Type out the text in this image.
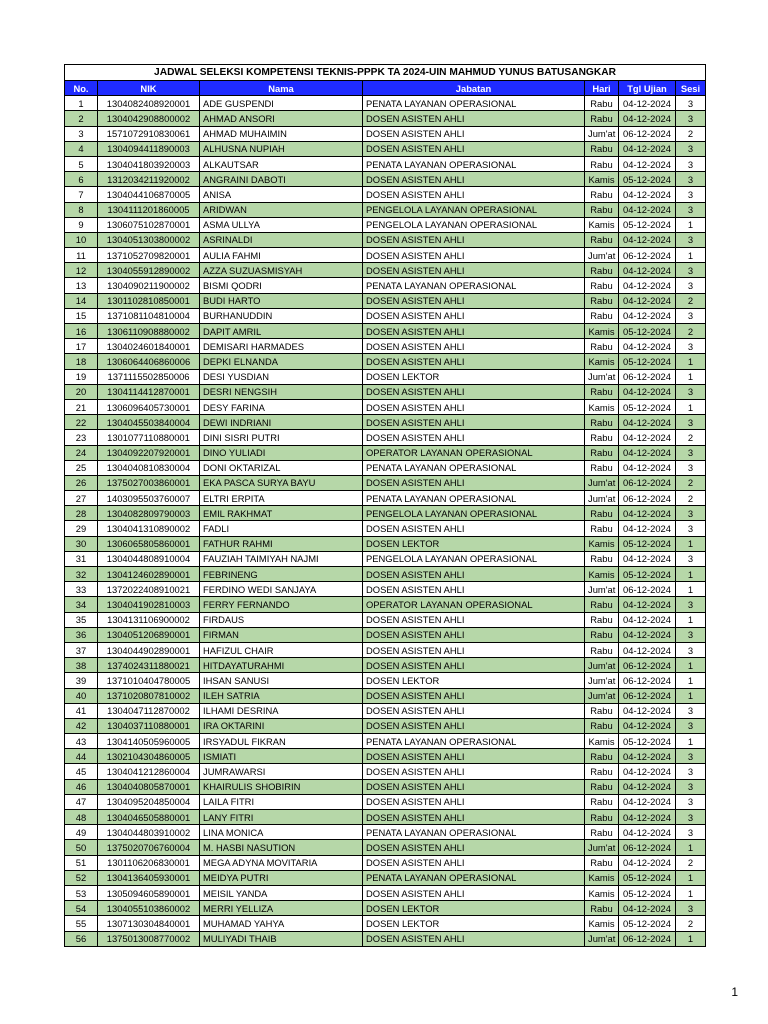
JADWAL SELEKSI KOMPETENSI TEKNIS-PPPK TA 2024-UIN MAHMUD YUNUS BATUSANGKAR						
No.	NIK	Nama	Jabatan	Hari	Tgl Ujian	Sesi
1	1304082408920001	ADE GUSPENDI	PENATA LAYANAN OPERASIONAL	Rabu	04-12-2024	3
2	1304042908800002	AHMAD ANSORI	DOSEN ASISTEN AHLI	Rabu	04-12-2024	3
3	1571072910830061	AHMAD MUHAIMIN	DOSEN ASISTEN AHLI	Jum'at	06-12-2024	2
4	1304094411890003	ALHUSNA NUPIAH	DOSEN ASISTEN AHLI	Rabu	04-12-2024	3
5	1304041803920003	ALKAUTSAR	PENATA LAYANAN OPERASIONAL	Rabu	04-12-2024	3
6	1312034211920002	ANGRAINI DABOTI	DOSEN ASISTEN AHLI	Kamis	05-12-2024	3
7	1304044106870005	ANISA	DOSEN ASISTEN AHLI	Rabu	04-12-2024	3
8	1304111201860005	ARIDWAN	PENGELOLA LAYANAN OPERASIONAL	Rabu	04-12-2024	3
9	1306075102870001	ASMA ULLYA	PENGELOLA LAYANAN OPERASIONAL	Kamis	05-12-2024	1
10	1304051303800002	ASRINALDI	DOSEN ASISTEN AHLI	Rabu	04-12-2024	3
11	1371052709820001	AULIA FAHMI	DOSEN ASISTEN AHLI	Jum'at	06-12-2024	1
12	1304055912890002	AZZA SUZUASMISYAH	DOSEN ASISTEN AHLI	Rabu	04-12-2024	3
13	1304090211900002	BISMI QODRI	PENATA LAYANAN OPERASIONAL	Rabu	04-12-2024	3
14	1301102810850001	BUDI HARTO	DOSEN ASISTEN AHLI	Rabu	04-12-2024	2
15	1371081104810004	BURHANUDDIN	DOSEN ASISTEN AHLI	Rabu	04-12-2024	3
16	1306110908880002	DAPIT AMRIL	DOSEN ASISTEN AHLI	Kamis	05-12-2024	2
17	1304024601840001	DEMISARI HARMADES	DOSEN ASISTEN AHLI	Rabu	04-12-2024	3
18	1306064406860006	DEPKI ELNANDA	DOSEN ASISTEN AHLI	Kamis	05-12-2024	1
19	1371115502850006	DESI YUSDIAN	DOSEN LEKTOR	Jum'at	06-12-2024	1
20	1304114412870001	DESRI NENGSIH	DOSEN ASISTEN AHLI	Rabu	04-12-2024	3
21	1306096405730001	DESY FARINA	DOSEN ASISTEN AHLI	Kamis	05-12-2024	1
22	1304045503840004	DEWI INDRIANI	DOSEN ASISTEN AHLI	Rabu	04-12-2024	3
23	1301077110880001	DINI SISRI PUTRI	DOSEN ASISTEN AHLI	Rabu	04-12-2024	2
24	1304092207920001	DINO YULIADI	OPERATOR LAYANAN OPERASIONAL	Rabu	04-12-2024	3
25	1304040810830004	DONI OKTARIZAL	PENATA LAYANAN OPERASIONAL	Rabu	04-12-2024	3
26	1375027003860001	EKA PASCA SURYA BAYU	DOSEN ASISTEN AHLI	Jum'at	06-12-2024	2
27	1403095503760007	ELTRI ERPITA	PENATA LAYANAN OPERASIONAL	Jum'at	06-12-2024	2
28	1304082809790003	EMIL RAKHMAT	PENGELOLA LAYANAN OPERASIONAL	Rabu	04-12-2024	3
29	1304041310890002	FADLI	DOSEN ASISTEN AHLI	Rabu	04-12-2024	3
30	1306065805860001	FATHUR RAHMI	DOSEN LEKTOR	Kamis	05-12-2024	1
31	1304044808910004	FAUZIAH TAIMIYAH NAJMI	PENGELOLA LAYANAN OPERASIONAL	Rabu	04-12-2024	3
32	1304124602890001	FEBRINENG	DOSEN ASISTEN AHLI	Kamis	05-12-2024	1
33	1372022408910021	FERDINO WEDI SANJAYA	DOSEN ASISTEN AHLI	Jum'at	06-12-2024	1
34	1304041902810003	FERRY FERNANDO	OPERATOR LAYANAN OPERASIONAL	Rabu	04-12-2024	3
35	1304131106900002	FIRDAUS	DOSEN ASISTEN AHLI	Rabu	04-12-2024	1
36	1304051206890001	FIRMAN	DOSEN ASISTEN AHLI	Rabu	04-12-2024	3
37	1304044902890001	HAFIZUL CHAIR	DOSEN ASISTEN AHLI	Rabu	04-12-2024	3
38	1374024311880021	HITDAYATURAHMI	DOSEN ASISTEN AHLI	Jum'at	06-12-2024	1
39	1371010404780005	IHSAN SANUSI	DOSEN LEKTOR	Jum'at	06-12-2024	1
40	1371020807810002	ILEH SATRIA	DOSEN ASISTEN AHLI	Jum'at	06-12-2024	1
41	1304047112870002	ILHAMI DESRINA	DOSEN ASISTEN AHLI	Rabu	04-12-2024	3
42	1304037110880001	IRA OKTARINI	DOSEN ASISTEN AHLI	Rabu	04-12-2024	3
43	1304140505960005	IRSYADUL FIKRAN	PENATA LAYANAN OPERASIONAL	Kamis	05-12-2024	1
44	1302104304860005	ISMIATI	DOSEN ASISTEN AHLI	Rabu	04-12-2024	3
45	1304041212860004	JUMRAWARSI	DOSEN ASISTEN AHLI	Rabu	04-12-2024	3
46	1304040805870001	KHAIRULIS SHOBIRIN	DOSEN ASISTEN AHLI	Rabu	04-12-2024	3
47	1304095204850004	LAILA FITRI	DOSEN ASISTEN AHLI	Rabu	04-12-2024	3
48	1304046505880001	LANY FITRI	DOSEN ASISTEN AHLI	Rabu	04-12-2024	3
49	1304044803910002	LINA MONICA	PENATA LAYANAN OPERASIONAL	Rabu	04-12-2024	3
50	1375020706760004	M. HASBI NASUTION	DOSEN ASISTEN AHLI	Jum'at	06-12-2024	1
51	1301106206830001	MEGA ADYNA MOVITARIA	DOSEN ASISTEN AHLI	Rabu	04-12-2024	2
52	1304136405930001	MEIDYA PUTRI	PENATA LAYANAN OPERASIONAL	Kamis	05-12-2024	1
53	1305094605890001	MEISIL YANDA	DOSEN ASISTEN AHLI	Kamis	05-12-2024	1
54	1304055103860002	MERRI YELLIZA	DOSEN LEKTOR	Rabu	04-12-2024	3
55	1307130304840001	MUHAMAD YAHYA	DOSEN LEKTOR	Kamis	05-12-2024	2
56	1375013008770002	MULIYADI THAIB	DOSEN ASISTEN AHLI	Jum'at	06-12-2024	1
1
